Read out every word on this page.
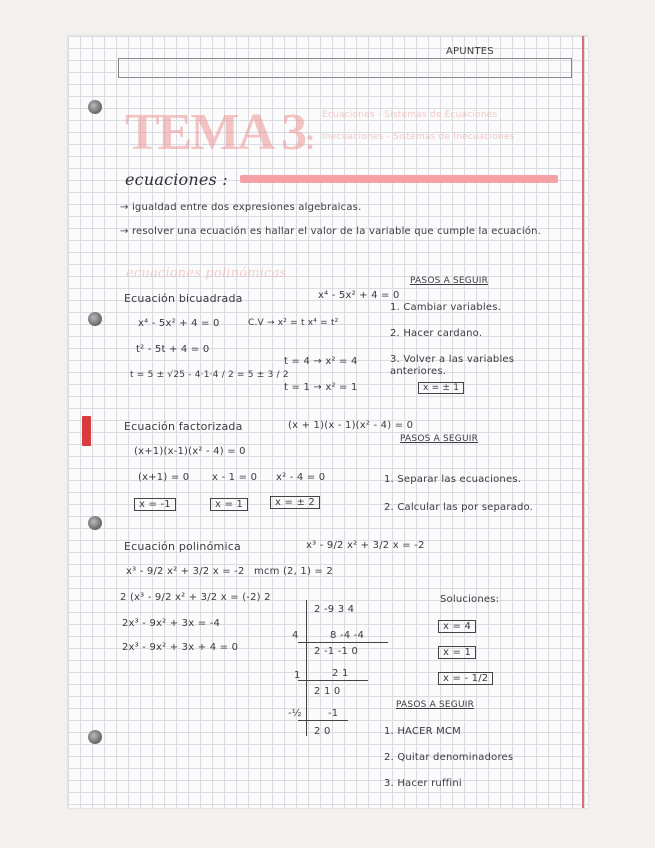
APUNTES
TEMA 3:
Ecuaciones - Sistemas de Ecuaciones
Inecuaciones - Sistemas de Inecuaciones
ecuaciones :
→ igualdad entre dos expresiones algebraicas.
→ resolver una ecuación es hallar el valor de la variable que cumple la ecuación.
ecuaciones polinómicas
Ecuación bicuadrada	x⁴ - 5x² + 4 = 0
PASOS A SEGUIR
1. Cambiar variables.
2. Hacer cardano.
3. Volver a las variables anteriores.
x⁴ - 5x² + 4 = 0	C.V → x² = t x⁴ = t²
t² - 5t + 4 = 0
t = 5 ± √25 - 4·1·4 / 2 = 5 ± 3 / 2
t = 4 → x² = 4
t = 1 → x² = 1	x = ± 1
Ecuación factorizada	(x + 1)(x - 1)(x² - 4) = 0
PASOS A SEGUIR
(x+1)(x-1)(x² - 4) = 0
(x+1) = 0 x - 1 = 0 x² - 4 = 0
x = -1	x = 1	x = ± 2
1. Separar las ecuaciones.
2. Calcular las por separado.
Ecuación polinómica	x³ - 9/2 x² + 3/2 x = -2
x³ - 9/2 x² + 3/2 x = -2 mcm (2, 1) = 2
2 (x³ - 9/2 x² + 3/2 x = (-2) 2
2x³ - 9x² + 3x = -4
2x³ - 9x² + 3x + 4 = 0
2 -9 3 4
4	8 -4 -4
2 -1 -1 0
1	2 1
2 1 0
-½	-1
2 0
Soluciones:
x = 4
x = 1
x = - 1/2
PASOS A SEGUIR
1. HACER MCM
2. Quitar denominadores
3. Hacer ruffini
